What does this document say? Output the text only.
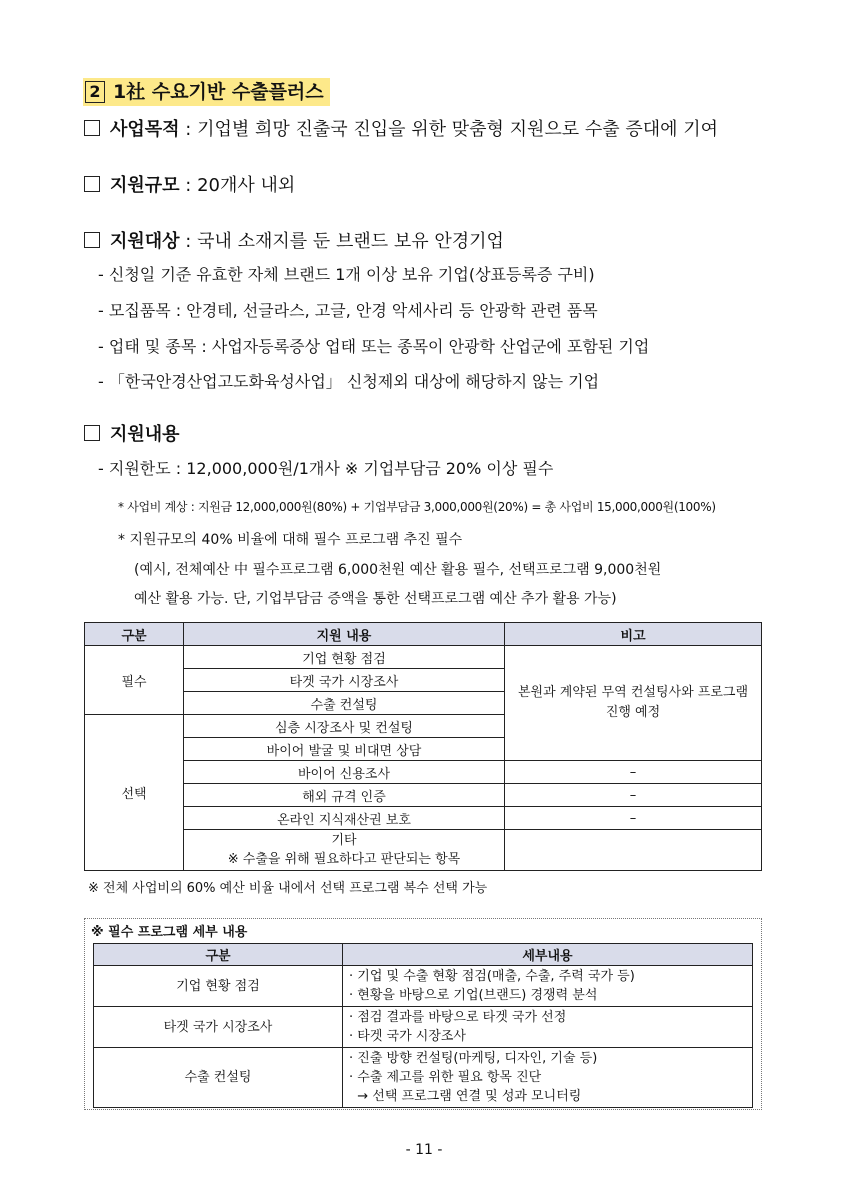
2 1社 수요기반 수출플러스
사업목적 : 기업별 희망 진출국 진입을 위한 맞춤형 지원으로 수출 증대에 기여
지원규모 : 20개사 내외
지원대상 : 국내 소재지를 둔 브랜드 보유 안경기업
- 신청일 기준 유효한 자체 브랜드 1개 이상 보유 기업(상표등록증 구비)
- 모집품목 : 안경테, 선글라스, 고글, 안경 악세사리 등 안광학 관련 품목
- 업태 및 종목 : 사업자등록증상 업태 또는 종목이 안광학 산업군에 포함된 기업
- 「한국안경산업고도화육성사업」 신청제외 대상에 해당하지 않는 기업
지원내용
- 지원한도 : 12,000,000원/1개사 ※ 기업부담금 20% 이상 필수
* 사업비 계상 : 지원금 12,000,000원(80%) + 기업부담금 3,000,000원(20%) = 총 사업비 15,000,000원(100%)
* 지원규모의 40% 비율에 대해 필수 프로그램 추진 필수
(예시, 전체예산 中 필수프로그램 6,000천원 예산 활용 필수, 선택프로그램 9,000천원
예산 활용 가능. 단, 기업부담금 증액을 통한 선택프로그램 예산 추가 활용 가능)
구분	지원 내용	비고
필수	기업 현황 점검	본원과 계약된 무역 컨설팅사와 프로그램 진행 예정
	타겟 국가 시장조사	
	수출 컨설팅	
선택	심층 시장조사 및 컨설팅	
	바이어 발굴 및 비대면 상담	
	바이어 신용조사	–
	해외 규격 인증	–
	온라인 지식재산권 보호	–

	기타
※ 수출을 위해 필요하다고 판단되는 항목	

※ 전체 사업비의 60% 예산 비율 내에서 선택 프로그램 복수 선택 가능
※ 필수 프로그램 세부 내용
구분	세부내용
기업 현황 점검	· 기업 및 수출 현황 점검(매출, 수출, 주력 국가 등)
· 현황을 바탕으로 기업(브랜드) 경쟁력 분석

타겟 국가 시장조사	· 점검 결과를 바탕으로 타겟 국가 선정
· 타겟 국가 시장조사

수출 컨설팅	· 진출 방향 컨설팅(마케팅, 디자인, 기술 등)
· 수출 제고를 위한 필요 항목 진단
→ 선택 프로그램 연결 및 성과 모니터링
- 11 -
